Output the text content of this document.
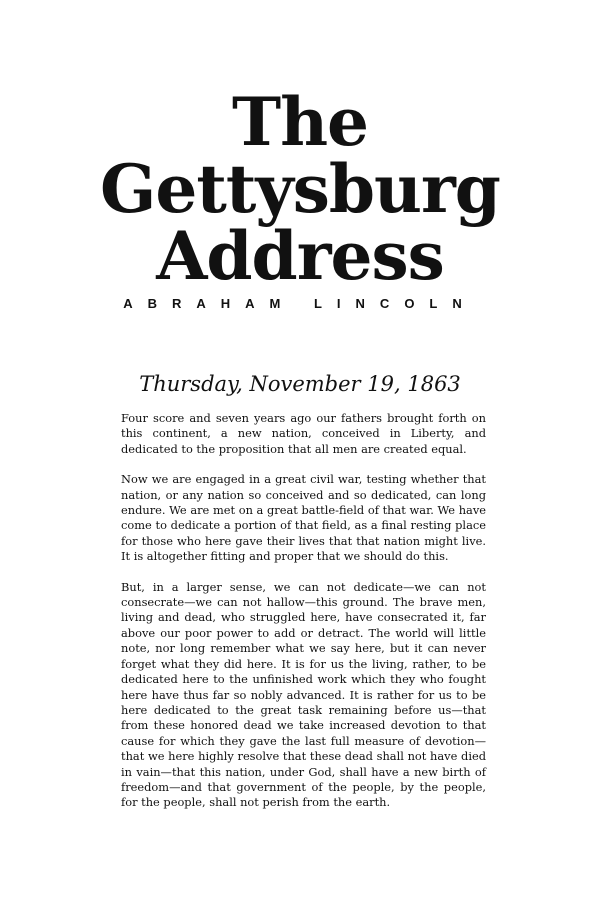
The
Gettysburg
Address
ABRAHAM LINCOLN
Thursday, November 19, 1863

Four score and seven years ago our fathers brought forth on this continent, a new nation, conceived in Liberty, and dedicated to the proposition that all men are created equal.

Now we are engaged in a great civil war, testing whether that nation, or any nation so conceived and so dedicated, can long endure. We are met on a great battle-field of that war. We have come to dedicate a portion of that field, as a final resting place for those who here gave their lives that that nation might live. It is altogether fitting and proper that we should do this.

But, in a larger sense, we can not dedicate—we can not consecrate—we can not hallow—this ground. The brave men, living and dead, who struggled here, have consecrated it, far above our poor power to add or detract. The world will little note, nor long remember what we say here, but it can never forget what they did here. It is for us the living, rather, to be dedicated here to the unfinished work which they who fought here have thus far so nobly advanced. It is rather for us to be here dedicated to the great task remaining before us—that from these honored dead we take increased devotion to that cause for which they gave the last full measure of devotion—that we here highly resolve that these dead shall not have died in vain—that this nation, under God, shall have a new birth of freedom—and that government of the people, by the people, for the people, shall not perish from the earth.
